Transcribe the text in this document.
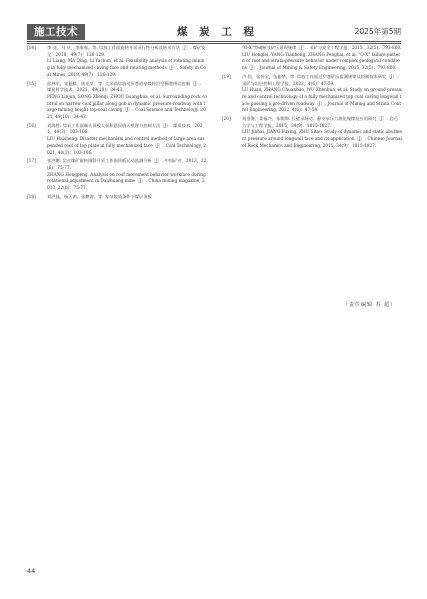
施工技术	煤 炭 工 程	2025年第5期
[14]	李 亮，马 庆，李家春，等. 综放工作面旋转开采可行性分析及转采方法［J］. 煤矿安全，2018，49(7)：126-129.
LI Liang, MA Qing, LI Yachun, et al. Feasibility analysis of rotating mining in fully mechanized caving face and rotating methods［J］. Safety in Coal Mines, 2018, 49(7)：126-129.
[15]	彭林军，宋振骐，周光华，等. 大采高综放动压巷道窄煤柱沿空掘巷围岩控制［J］. 煤炭科学技术，2021，49(10)：34-43.
PENG Linjun, SONG Zhenqi, ZHOU Guanghua, et al. Surrounding rock control on narrow coal pillar along gob in dynamic pressure roadway with large mining height top-coal caving［J］. Coal Science and Technology, 2021, 49(10)：34-43.
[16]	刘海胜. 综采工作面端头顶板大面积悬顶放天机理与控制方法［J］. 煤炭技术，2021，40(3)：103-106.
LIU Haisheng. Disaster mechanism and control method of large area suspended roof of top plate in fully mechanized face［J］. Coal Technology, 2021, 40(3)：103-106.
[17]	张洪鹏. 岱庄煤矿旋转调斜开采工作面顶板运动监测分析［J］. 中国矿业，2013，22(6)：75-77.
ZHANG Hongpeng. Analysis on roof movement behavior workface during rotational adjustment in Daizhuang mine［J］. China mining magazine, 2013, 22(6)：75-77.
[18]	刘洪磊，杨天鸿，张鹏海，等. 复杂地质条件下煤层顶板
"O-X"型破断及矿压显现规律［J］. 采矿与安全工程学报，2015，32(5)：793-800.
LIU Honglei, YANG Tianhong, ZHANG Penghai, et al. "O-X" failure pattern of roof and strata-pressure behavior under complex geological conditions［J］. Journal of Mining & Safety Engineering, 2015, 32(5)：793-800.
[19]	卢 恒，张传宝，伍振华，等. 综放工作面过空巷矿压监测规律及控制技术研究［J］. 采矿与岩层控制工程学报，2022，4(6)：47-59.
LU Huan, ZHANG Chuanbao, WU Zhenhua, et al. Study on ground pressure and control technology of a fully mechanized top coal caving longwall face passing a pre-driven roadway［J］. Journal of Mining and Strata Control Engineering, 2022, 4(6)：47-59.
[20]	刘金海，姜福兴，朱斯陶. 长壁采场动、静支承压力演化规律及应用研究［J］. 岩石力学与工程学报，2015，34(9)：1815-1827.
LIU Jinhai, JIANG Fuxing, ZHU Sitao. Study of dynamic and static abutment pressure around longwall face and its application［J］. Chinese Journal of Rock Mechanics and Engineering, 2015, 34(9)：1815-1827.
（责任编辑 苏 超）
44
